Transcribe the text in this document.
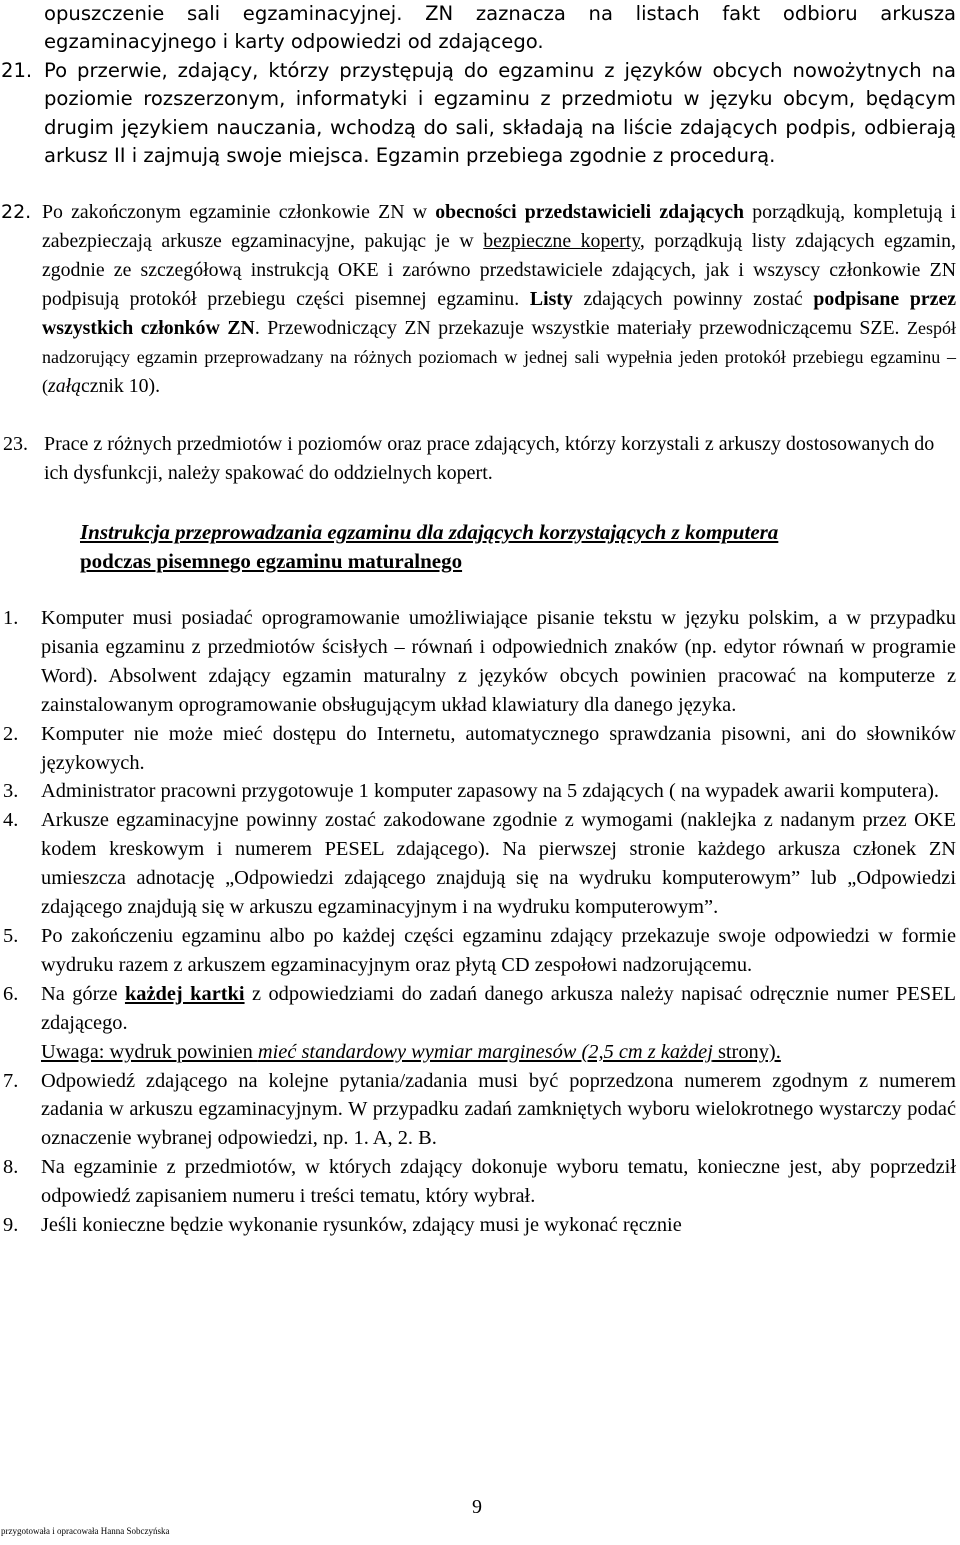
opuszczenie sali egzaminacyjnej. ZN zaznacza na listach fakt odbioru arkusza egzaminacyjnego i karty odpowiedzi od zdającego.
21. Po przerwie, zdający, którzy przystępują do egzaminu z języków obcych nowożytnych na poziomie rozszerzonym, informatyki i egzaminu z przedmiotu w języku obcym, będącym drugim językiem nauczania, wchodzą do sali, składają na liście zdających podpis, odbierają arkusz II i zajmują swoje miejsca. Egzamin przebiega zgodnie z procedurą.
22. Po zakończonym egzaminie członkowie ZN w obecności przedstawicieli zdających porządkują, kompletują i zabezpieczają arkusze egzaminacyjne, pakując je w bezpieczne koperty, porządkują listy zdających egzamin, zgodnie ze szczegółową instrukcją OKE i zarówno przedstawiciele zdających, jak i wszyscy członkowie ZN podpisują protokół przebiegu części pisemnej egzaminu. Listy zdających powinny zostać podpisane przez wszystkich członków ZN. Przewodniczący ZN przekazuje wszystkie materiały przewodniczącemu SZE. Zespół nadzorujący egzamin przeprowadzany na różnych poziomach w jednej sali wypełnia jeden protokół przebiegu egzaminu – (załącznik 10).
23. Prace z różnych przedmiotów i poziomów oraz prace zdających, którzy korzystali z arkuszy dostosowanych do ich dysfunkcji, należy spakować do oddzielnych kopert.
Instrukcja przeprowadzania egzaminu dla zdających korzystających z komputera
podczas pisemnego egzaminu maturalnego
1. Komputer musi posiadać oprogramowanie umożliwiające pisanie tekstu w języku polskim, a w przypadku pisania egzaminu z przedmiotów ścisłych – równań i odpowiednich znaków (np. edytor równań w programie Word). Absolwent zdający egzamin maturalny z języków obcych powinien pracować na komputerze z zainstalowanym oprogramowanie obsługującym układ klawiatury dla danego języka.
2. Komputer nie może mieć dostępu do Internetu, automatycznego sprawdzania pisowni, ani do słowników językowych.
3. Administrator pracowni przygotowuje 1 komputer zapasowy na 5 zdających ( na wypadek awarii komputera).
4. Arkusze egzaminacyjne powinny zostać zakodowane zgodnie z wymogami (naklejka z nadanym przez OKE kodem kreskowym i numerem PESEL zdającego). Na pierwszej stronie każdego arkusza członek ZN umieszcza adnotację „Odpowiedzi zdającego znajdują się na wydruku komputerowym” lub „Odpowiedzi zdającego znajdują się w arkuszu egzaminacyjnym i na wydruku komputerowym”.
5. Po zakończeniu egzaminu albo po każdej części egzaminu zdający przekazuje swoje odpowiedzi w formie wydruku razem z arkuszem egzaminacyjnym oraz płytą CD zespołowi nadzorującemu.
6. Na górze każdej kartki z odpowiedziami do zadań danego arkusza należy napisać odręcznie numer PESEL zdającego.
Uwaga: wydruk powinien mieć standardowy wymiar marginesów (2,5 cm z każdej strony).
7. Odpowiedź zdającego na kolejne pytania/zadania musi być poprzedzona numerem zgodnym z numerem zadania w arkuszu egzaminacyjnym. W przypadku zadań zamkniętych wyboru wielokrotnego wystarczy podać oznaczenie wybranej odpowiedzi, np. 1. A, 2. B.
8. Na egzaminie z przedmiotów, w których zdający dokonuje wyboru tematu, konieczne jest, aby poprzedził odpowiedź zapisaniem numeru i treści tematu, który wybrał.
9. Jeśli konieczne będzie wykonanie rysunków, zdający musi je wykonać ręcznie
9
przygotowała i opracowała Hanna Sobczyńska
